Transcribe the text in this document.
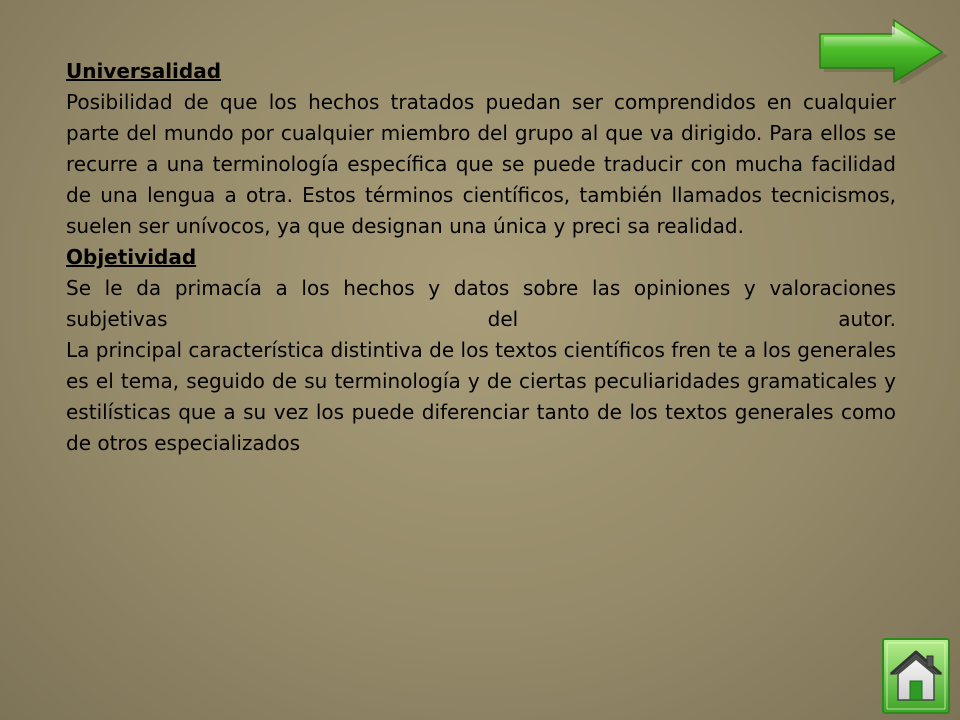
Universalidad

Posibilidad de que los hechos tratados puedan ser comprendidos en cualquier parte del mundo por cualquier miembro del grupo al que va dirigido. Para ellos se recurre a una terminología específica que se puede traducir con mucha facilidad de una lengua a otra. Estos términos científicos, también llamados tecnicismos, suelen ser unívocos, ya que designan una única y preci sa realidad.

Objetividad

Se le da primacía a los hechos y datos sobre las opiniones y valoraciones subjetivas del autor.

La principal característica distintiva de los textos científicos fren te a los generales es el tema, seguido de su terminología y de ciertas peculiaridades gramaticales y estilísticas que a su vez los puede diferenciar tanto de los textos generales como de otros especializados
